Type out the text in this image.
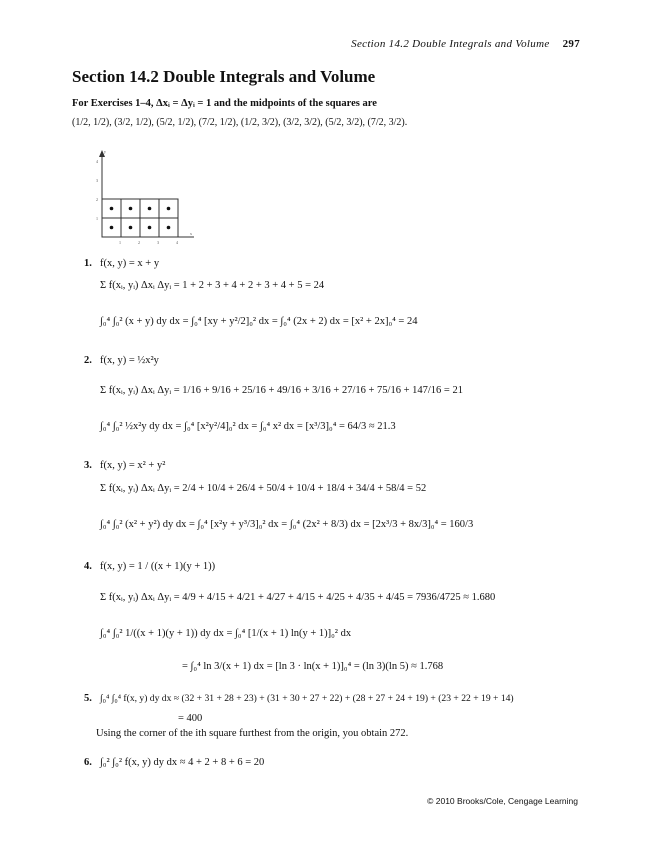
Section 14.2 Double Integrals and Volume 297
Section 14.2 Double Integrals and Volume
For Exercises 1–4, Δxᵢ = Δyᵢ = 1 and the midpoints of the squares are
(1/2, 1/2), (3/2, 1/2), (5/2, 1/2), (7/2, 1/2), (1/2, 3/2), (3/2, 3/2), (5/2, 3/2), (7/2, 3/2).
1	2	3	4
x
1
2
3
4
y
1. f(x, y) = x + y
Σ f(xᵢ, yᵢ) Δxᵢ Δyᵢ = 1 + 2 + 3 + 4 + 2 + 3 + 4 + 5 = 24
∫₀⁴ ∫₀² (x + y) dy dx = ∫₀⁴ [xy + y²/2]₀² dx = ∫₀⁴ (2x + 2) dx = [x² + 2x]₀⁴ = 24
2. f(x, y) = ½x²y
Σ f(xᵢ, yᵢ) Δxᵢ Δyᵢ = 1/16 + 9/16 + 25/16 + 49/16 + 3/16 + 27/16 + 75/16 + 147/16 = 21
∫₀⁴ ∫₀² ½x²y dy dx = ∫₀⁴ [x²y²/4]₀² dx = ∫₀⁴ x² dx = [x³/3]₀⁴ = 64/3 ≈ 21.3
3. f(x, y) = x² + y²
Σ f(xᵢ, yᵢ) Δxᵢ Δyᵢ = 2/4 + 10/4 + 26/4 + 50/4 + 10/4 + 18/4 + 34/4 + 58/4 = 52
∫₀⁴ ∫₀² (x² + y²) dy dx = ∫₀⁴ [x²y + y³/3]₀² dx = ∫₀⁴ (2x² + 8/3) dx = [2x³/3 + 8x/3]₀⁴ = 160/3
4. f(x, y) = 1 / ((x + 1)(y + 1))
Σ f(xᵢ, yᵢ) Δxᵢ Δyᵢ = 4/9 + 4/15 + 4/21 + 4/27 + 4/15 + 4/25 + 4/35 + 4/45 = 7936/4725 ≈ 1.680
∫₀⁴ ∫₀² 1/((x + 1)(y + 1)) dy dx = ∫₀⁴ [1/(x + 1) ln(y + 1)]₀² dx
= ∫₀⁴ ln 3/(x + 1) dx = [ln 3 · ln(x + 1)]₀⁴ = (ln 3)(ln 5) ≈ 1.768
5. ∫₀⁴ ∫₀⁴ f(x, y) dy dx ≈ (32 + 31 + 28 + 23) + (31 + 30 + 27 + 22) + (28 + 27 + 24 + 19) + (23 + 22 + 19 + 14)
= 400
Using the corner of the ith square furthest from the origin, you obtain 272.
6. ∫₀² ∫₀² f(x, y) dy dx ≈ 4 + 2 + 8 + 6 = 20
© 2010 Brooks/Cole, Cengage Learning
